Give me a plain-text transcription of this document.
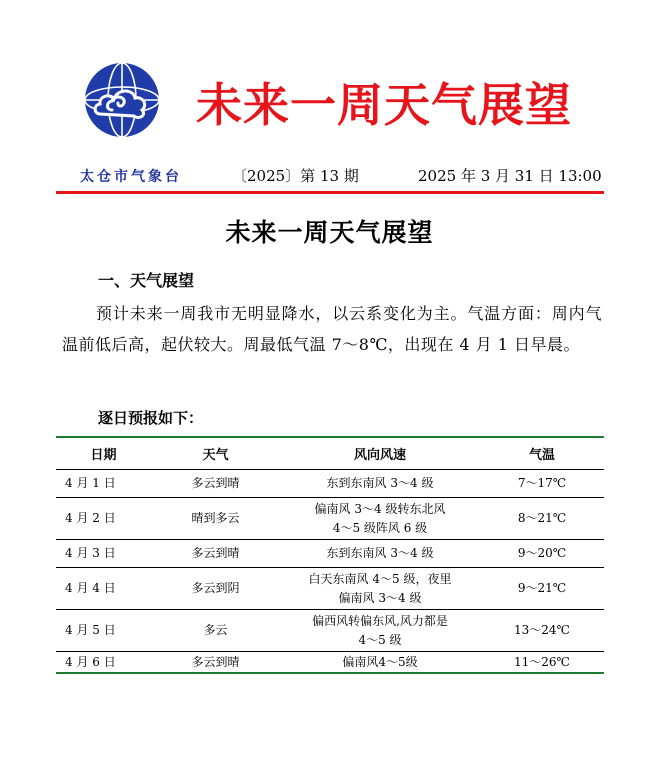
未来一周天气展望
太仓市气象台	〔2025〕第 13 期	2025 年 3 月 31 日 13:00
未来一周天气展望
一、天气展望
预计未来一周我市无明显降水，以云系变化为主。气温方面：周内气温前低后高，起伏较大。周最低气温 7～8℃，出现在 4 月 1 日早晨。
逐日预报如下：
日期	天气	风向风速	气温
4 月 1 日	多云到晴	东到东南风 3～4 级	7～17℃
4 月 2 日	晴到多云	偏南风 3～4 级转东北风
4～5 级阵风 6 级	8～21℃
4 月 3 日	多云到晴	东到东南风 3～4 级	9～20℃
4 月 4 日	多云到阴	白天东南风 4～5 级，夜里
偏南风 3～4 级	9～21℃
4 月 5 日	多云	偏西风转偏东风,风力都是
4～5 级	13～24℃
4 月 6 日	多云到晴	偏南风4～5级	11～26℃
